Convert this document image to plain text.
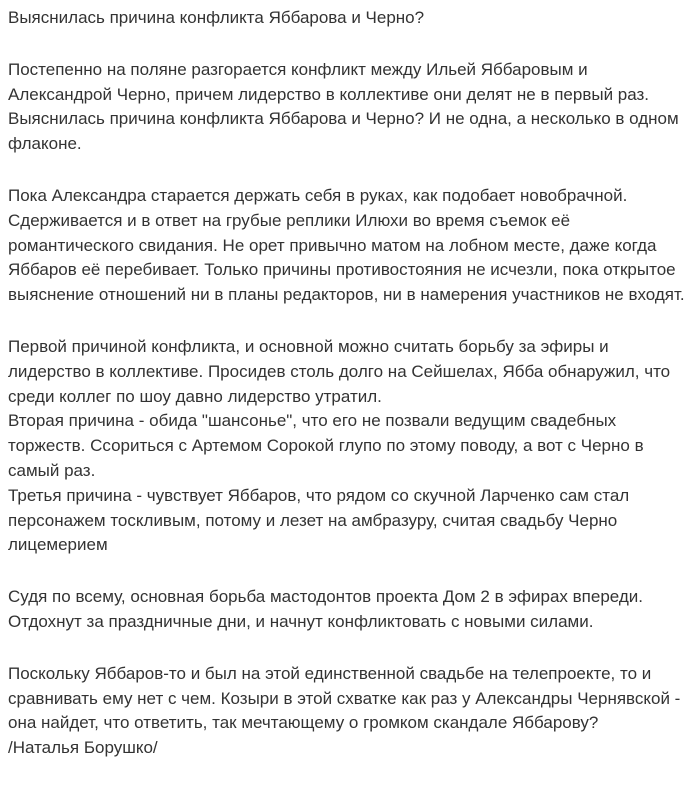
Выяснилась причина конфликта Яббарова и Черно?

Постепенно на поляне разгорается конфликт между Ильей Яббаровым и Александрой Черно, причем лидерство в коллективе они делят не в первый раз. Выяснилась причина конфликта Яббарова и Черно? И не одна, а несколько в одном флаконе.

Пока Александра старается держать себя в руках, как подобает новобрачной. Сдерживается и в ответ на грубые реплики Илюхи во время съемок её романтического свидания. Не орет привычно матом на лобном месте, даже когда Яббаров её перебивает. Только причины противостояния не исчезли, пока открытое выяснение отношений ни в планы редакторов, ни в намерения участников не входят.

Первой причиной конфликта, и основной можно считать борьбу за эфиры и лидерство в коллективе. Просидев столь долго на Сейшелах, Ябба обнаружил, что среди коллег по шоу давно лидерство утратил.

Вторая причина - обида "шансонье", что его не позвали ведущим свадебных торжеств. Ссориться с Артемом Сорокой глупо по этому поводу, а вот с Черно в самый раз.

Третья причина - чувствует Яббаров, что рядом со скучной Ларченко сам стал персонажем тоскливым, потому и лезет на амбразуру, считая свадьбу Черно лицемерием

Судя по всему, основная борьба мастодонтов проекта Дом 2 в эфирах впереди. Отдохнут за праздничные дни, и начнут конфликтовать с новыми силами.

Поскольку Яббаров-то и был на этой единственной свадьбе на телепроекте, то и сравнивать ему нет с чем. Козыри в этой схватке как раз у Александры Чернявской - она найдет, что ответить, так мечтающему о громком скандале Яббарову?

/Наталья Борушко/
